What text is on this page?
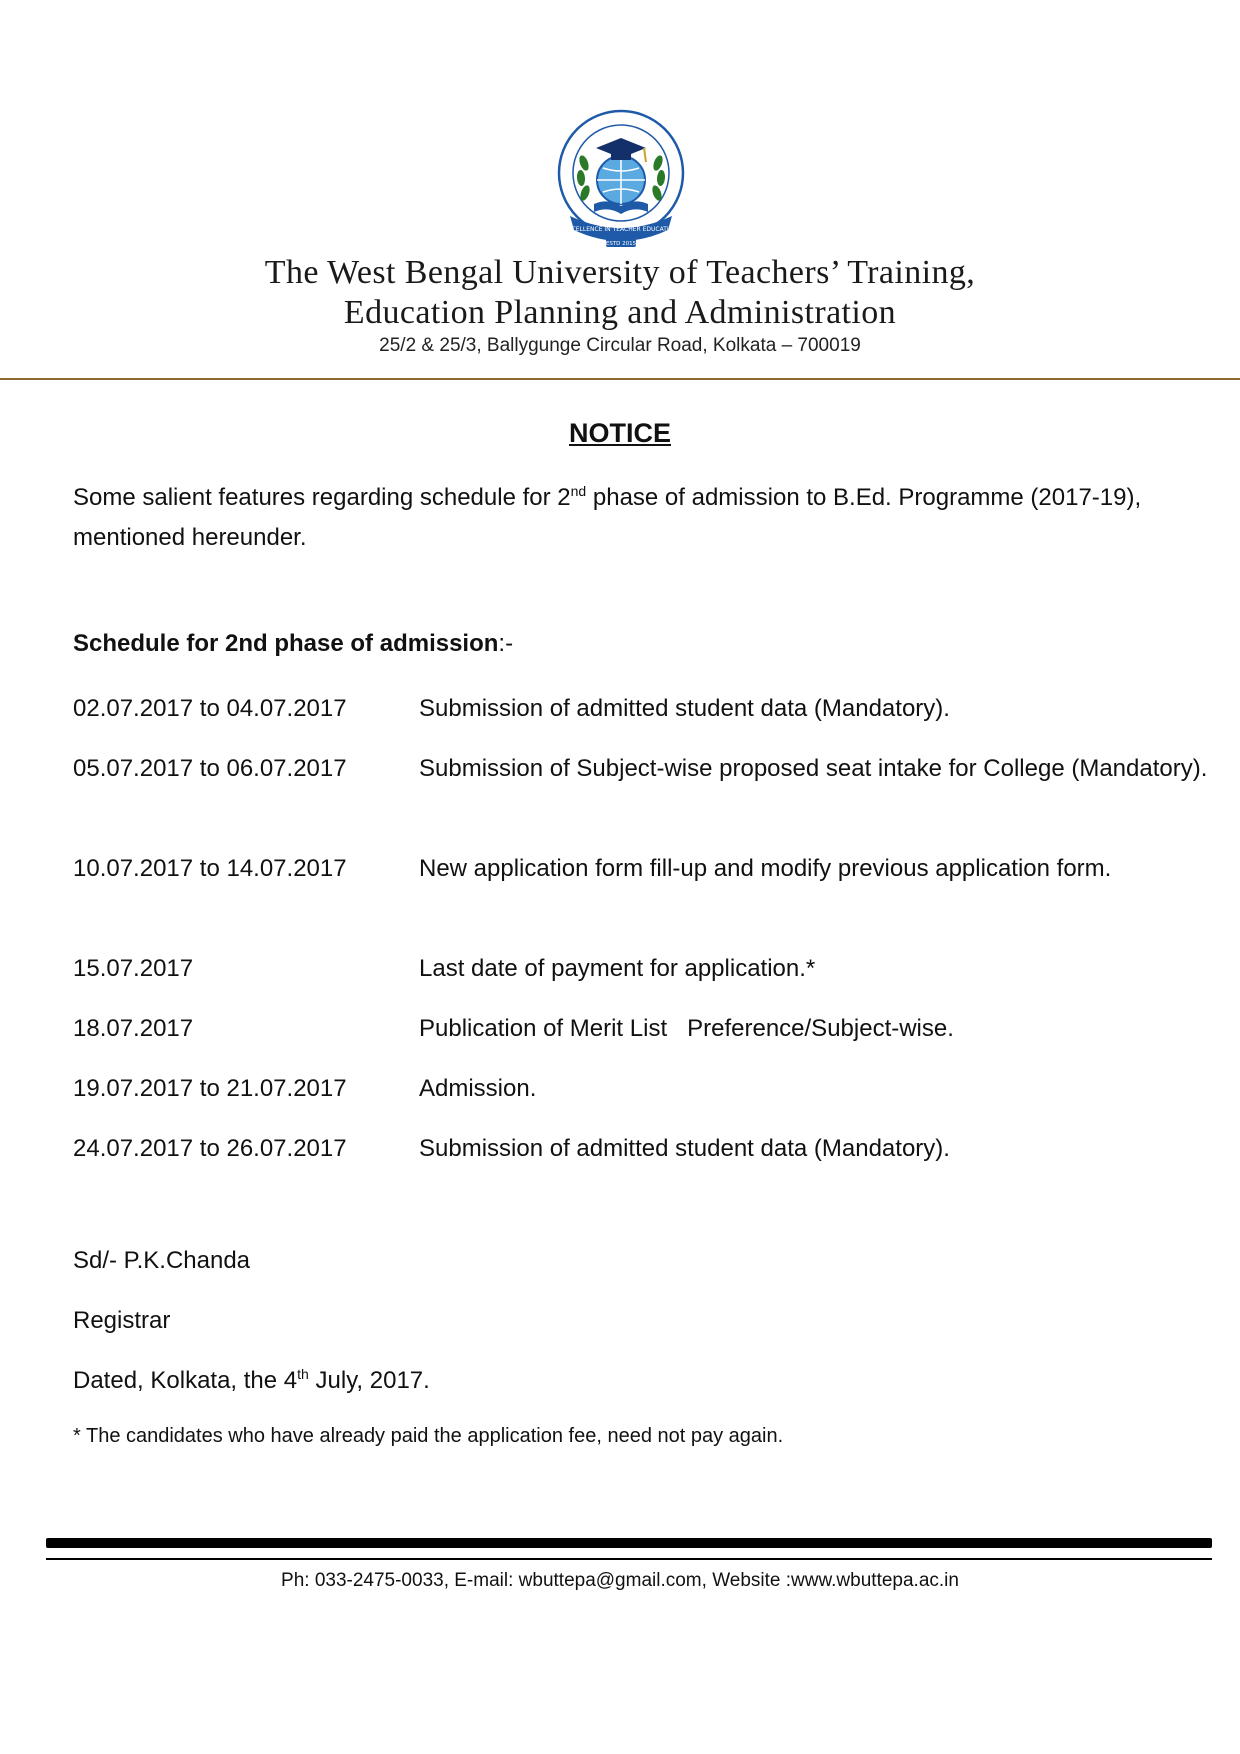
EXCELLENCE IN TEACHER EDUCATION
ESTD 2015
The West Bengal University of Teachers’ Training,
Education Planning and Administration
25/2 & 25/3, Ballygunge Circular Road, Kolkata – 700019
NOTICE

Some salient features regarding schedule for 2nd phase of admission to B.Ed. Programme (2017-19), mentioned hereunder.

Schedule for 2nd phase of admission:-

02.07.2017 to 04.07.2017	Submission of admitted student data (Mandatory).
05.07.2017 to 06.07.2017	Submission of Subject-wise proposed seat intake for College (Mandatory).
10.07.2017 to 14.07.2017	New application form fill-up and modify previous application form.
15.07.2017	Last date of payment for application.*
18.07.2017	Publication of Merit List   Preference/Subject-wise.
19.07.2017 to 21.07.2017	Admission.
24.07.2017 to 26.07.2017	Submission of admitted student data (Mandatory).

Sd/- P.K.Chanda

Registrar

Dated, Kolkata, the 4th July, 2017.

* The candidates who have already paid the application fee, need not pay again.

Ph: 033-2475-0033, E-mail: wbuttepa@gmail.com, Website :www.wbuttepa.ac.in
